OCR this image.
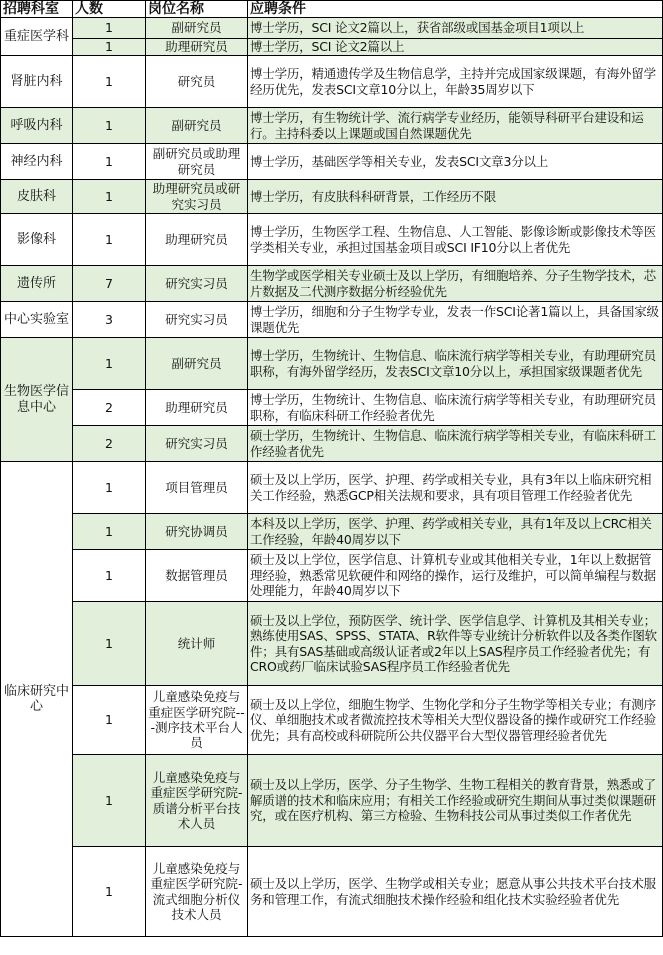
招聘科室	人数	岗位名称	应聘条件
重症医学科	1	副研究员	博士学历，SCI 论文2篇以上，获省部级或国基金项目1项以上
	1	助理研究员	博士学历，SCI 论文2篇以上
肾脏内科	1	研究员	博士学历，精通遗传学及生物信息学，主持并完成国家级课题，有海外留学经历优先，发表SCI文章10分以上，年龄35周岁以下
呼吸内科	1	副研究员	博士学历，有生物统计学、流行病学专业经历，能领导科研平台建设和运行。主持科委以上课题或国自然课题优先
神经内科	1	副研究员或助理研究员	博士学历，基础医学等相关专业，发表SCI文章3分以上
皮肤科	1	助理研究员或研究实习员	博士学历，有皮肤科科研背景，工作经历不限
影像科	1	助理研究员	博士学历，生物医学工程、生物信息、人工智能、影像诊断或影像技术等医学类相关专业，承担过国基金项目或SCI IF10分以上者优先
遗传所	7	研究实习员	生物学或医学相关专业硕士及以上学历，有细胞培养、分子生物学技术，芯片数据及二代测序数据分析经验优先
中心实验室	3	研究实习员	博士学历，细胞和分子生物学专业，发表一作SCI论著1篇以上，具备国家级课题优先
生物医学信息中心	1	副研究员	博士学历，生物统计、生物信息、临床流行病学等相关专业，有助理研究员职称，有海外留学经历，发表SCI文章10分以上，承担国家级课题者优先
	2	助理研究员	博士学历，生物统计、生物信息、临床流行病学等相关专业，有助理研究员职称，有临床科研工作经验者优先
	2	研究实习员	硕士学历，生物统计、生物信息、临床流行病学等相关专业，有临床科研工作经验者优先
临床研究中心	1	项目管理员	硕士及以上学历，医学、护理、药学或相关专业，具有3年以上临床研究相关工作经验，熟悉GCP相关法规和要求，具有项目管理工作经验者优先
	1	研究协调员	本科及以上学历，医学、护理、药学或相关专业，具有1年及以上CRC相关工作经验，年龄40周岁以下
	1	数据管理员	硕士及以上学位，医学信息、计算机专业或其他相关专业，1年以上数据管理经验，熟悉常见软硬件和网络的操作，运行及维护，可以简单编程与数据处理能力，年龄40周岁以下
	1	统计师	硕士及以上学位，预防医学、统计学、医学信息学、计算机及其相关专业；熟练使用SAS、SPSS、STATA、R软件等专业统计分析软件以及各类作图软件；具有SAS基础或高级认证者或2年以上SAS程序员工作经验者优先；有CRO或药厂临床试验SAS程序员工作经验者优先
	1	儿童感染免疫与重症医学研究院---测序技术平台人员	硕士及以上学位，细胞生物学、生物化学和分子生物学等相关专业；有测序仪、单细胞技术或者微流控技术等相关大型仪器设备的操作或研究工作经验优先；具有高校或科研院所公共仪器平台大型仪器管理经验者优先
	1	儿童感染免疫与重症医学研究院-质谱分析平台技术人员	硕士及以上学历，医学、分子生物学、生物工程相关的教育背景，熟悉或了解质谱的技术和临床应用；有相关工作经验或研究生期间从事过类似课题研究，或在医疗机构、第三方检验、生物科技公司从事过类似工作者优先
	1	儿童感染免疫与重症医学研究院-流式细胞分析仪技术人员	硕士及以上学历，医学、生物学或相关专业；愿意从事公共技术平台技术服务和管理工作，有流式细胞技术操作经验和组化技术实验经验者优先
